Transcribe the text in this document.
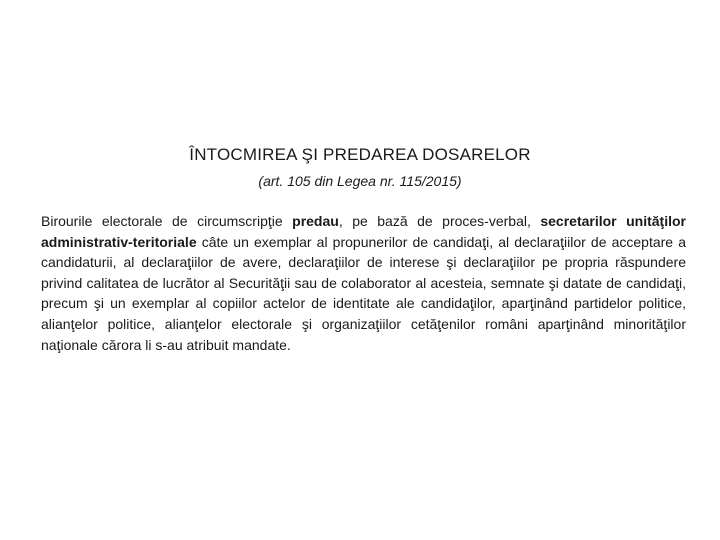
ÎNTOCMIREA ŞI PREDAREA DOSARELOR

(art. 105 din Legea nr. 115/2015)

Birourile electorale de circumscripţie predau, pe bază de proces-verbal, secretarilor unităţilor administrativ-teritoriale câte un exemplar al propunerilor de candidaţi, al declaraţiilor de acceptare a candidaturii, al declaraţiilor de avere, declaraţiilor de interese şi declaraţiilor pe propria răspundere privind calitatea de lucrător al Securităţii sau de colaborator al acesteia, semnate şi datate de candidaţi, precum şi un exemplar al copiilor actelor de identitate ale candidaţilor, aparţinând partidelor politice, alianţelor politice, alianţelor electorale şi organizaţiilor cetăţenilor români aparţinând minorităţilor naţionale cărora li s-au atribuit mandate.
